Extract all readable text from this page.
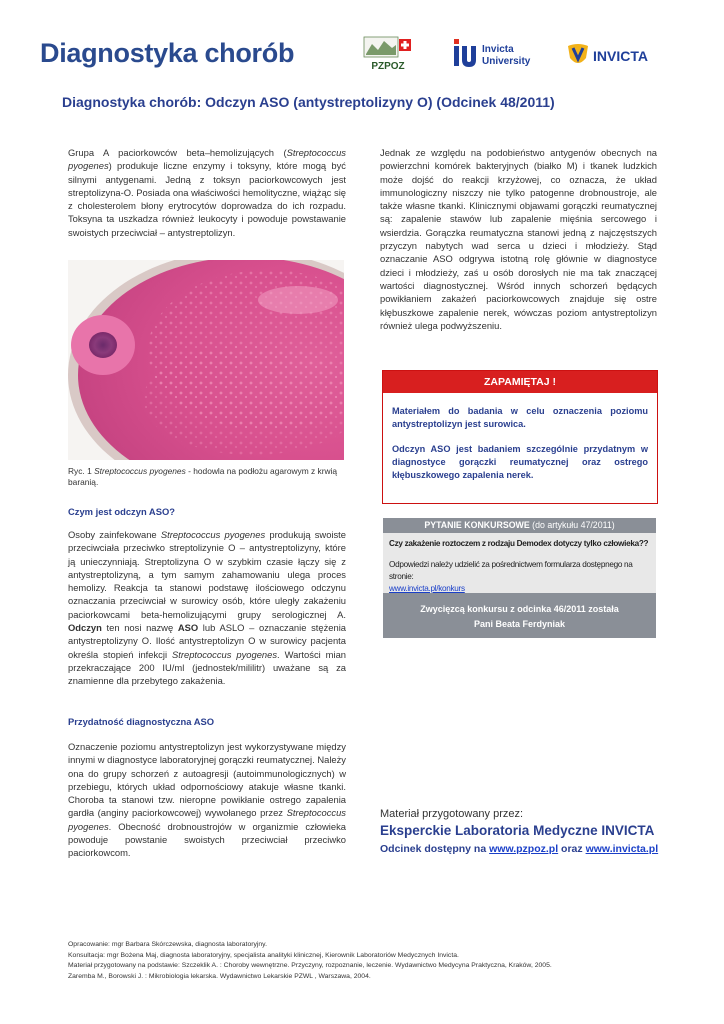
Diagnostyka chorób	PZPOZ
Invicta
University	INVICTA
Diagnostyka chorób: Odczyn ASO (antystreptolizyny O) (Odcinek 48/2011)
Grupa A paciorkowców beta–hemolizujących (Streptococcus pyogenes) produkuje liczne enzymy i toksyny, które mogą być silnymi antygenami. Jedną z toksyn paciorkowcowych jest streptolizyna-O. Posiada ona właściwości hemolityczne, wiążąc się z cholesterolem błony erytrocytów doprowadza do ich rozpadu. Toksyna ta uszkadza również leukocyty i powoduje powstawanie swoistych przeciwciał – antystreptolizyn.
Ryc. 1 Streptococcus pyogenes - hodowla na podłożu agarowym z krwią baranią.
Czym jest odczyn ASO?
Osoby zainfekowane Streptococcus pyogenes produkują swoiste przeciwciała przeciwko streptolizynie O – antystreptolizyny, które ją unieczynniają. Streptolizyna O w szybkim czasie łączy się z antystreptolizyną, a tym samym zahamowaniu ulega proces hemolizy. Reakcja ta stanowi podstawę ilościowego odczynu oznaczania przeciwciał w surowicy osób, które uległy zakażeniu paciorkowcami beta-hemolizującymi grupy serologicznej A. Odczyn ten nosi nazwę ASO lub ASLO – oznaczanie stężenia antystreptolizyny O. Ilość antystreptolizyn O w surowicy pacjenta określa stopień infekcji Streptococcus pyogenes. Wartości mian przekraczające 200 IU/ml (jednostek/mililitr) uważane są za znamienne dla przebytego zakażenia.
Przydatność diagnostyczna ASO
Oznaczenie poziomu antystreptolizyn jest wykorzystywane między innymi w diagnostyce laboratoryjnej gorączki reumatycznej. Należy ona do grupy schorzeń z autoagresji (autoimmunologicznych) w przebiegu, których układ odpornościowy atakuje własne tkanki. Choroba ta stanowi tzw. nieropne powikłanie ostrego zapalenia gardła (anginy paciorkowcowej) wywołanego przez Streptococcus pyogenes. Obecność drobnoustrojów w organizmie człowieka powoduje powstanie swoistych przeciwciał przeciwko paciorkowcom.
Jednak ze względu na podobieństwo antygenów obecnych na powierzchni komórek bakteryjnych (białko M) i tkanek ludzkich może dojść do reakcji krzyżowej, co oznacza, że układ immunologiczny niszczy nie tylko patogenne drobnoustroje, ale także własne tkanki. Klinicznymi objawami gorączki reumatycznej są: zapalenie stawów lub zapalenie mięśnia sercowego i wsierdzia. Gorączka reumatyczna stanowi jedną z najczęstszych przyczyn nabytych wad serca u dzieci i młodzieży. Stąd oznaczanie ASO odgrywa istotną rolę głównie w diagnostyce dzieci i młodzieży, zaś u osób dorosłych nie ma tak znaczącej wartości diagnostycznej. Wśród innych schorzeń będących powikłaniem zakażeń paciorkowcowych znajduje się ostre kłębuszkowe zapalenie nerek, wówczas poziom antystreptolizyn również ulega podwyższeniu.
ZAPAMIĘTAJ !
Materiałem do badania w celu oznaczenia poziomu antystreptolizyn jest surowica.
Odczyn ASO jest badaniem szczególnie przydatnym w diagnostyce gorączki reumatycznej oraz ostrego kłębuszkowego zapalenia nerek.
PYTANIE KONKURSOWE (do artykułu 47/2011)
Czy zakażenie roztoczem z rodzaju Demodex dotyczy tylko człowieka??
Odpowiedzi należy udzielić za pośrednictwem formularza dostępnego na stronie:
www.invicta.pl/konkurs
Zwycięzcą konkursu z odcinka 46/2011 została
Pani Beata Ferdyniak
Materiał przygotowany przez:
Eksperckie Laboratoria Medyczne INVICTA
Odcinek dostępny na www.pzpoz.pl oraz www.invicta.pl
Opracowanie: mgr Barbara Skórczewska, diagnosta laboratoryjny.
Konsultacja: mgr Bożena Maj, diagnosta laboratoryjny, specjalista analityki klinicznej, Kierownik Laboratoriów Medycznych Invicta.
Materiał przygotowany na podstawie: Szczeklik A. : Choroby wewnętrzne. Przyczyny, rozpoznanie, leczenie. Wydawnictwo Medycyna Praktyczna, Kraków, 2005.
Zaremba M., Borowski J. : Mikrobiologia lekarska. Wydawnictwo Lekarskie PZWL , Warszawa, 2004.
